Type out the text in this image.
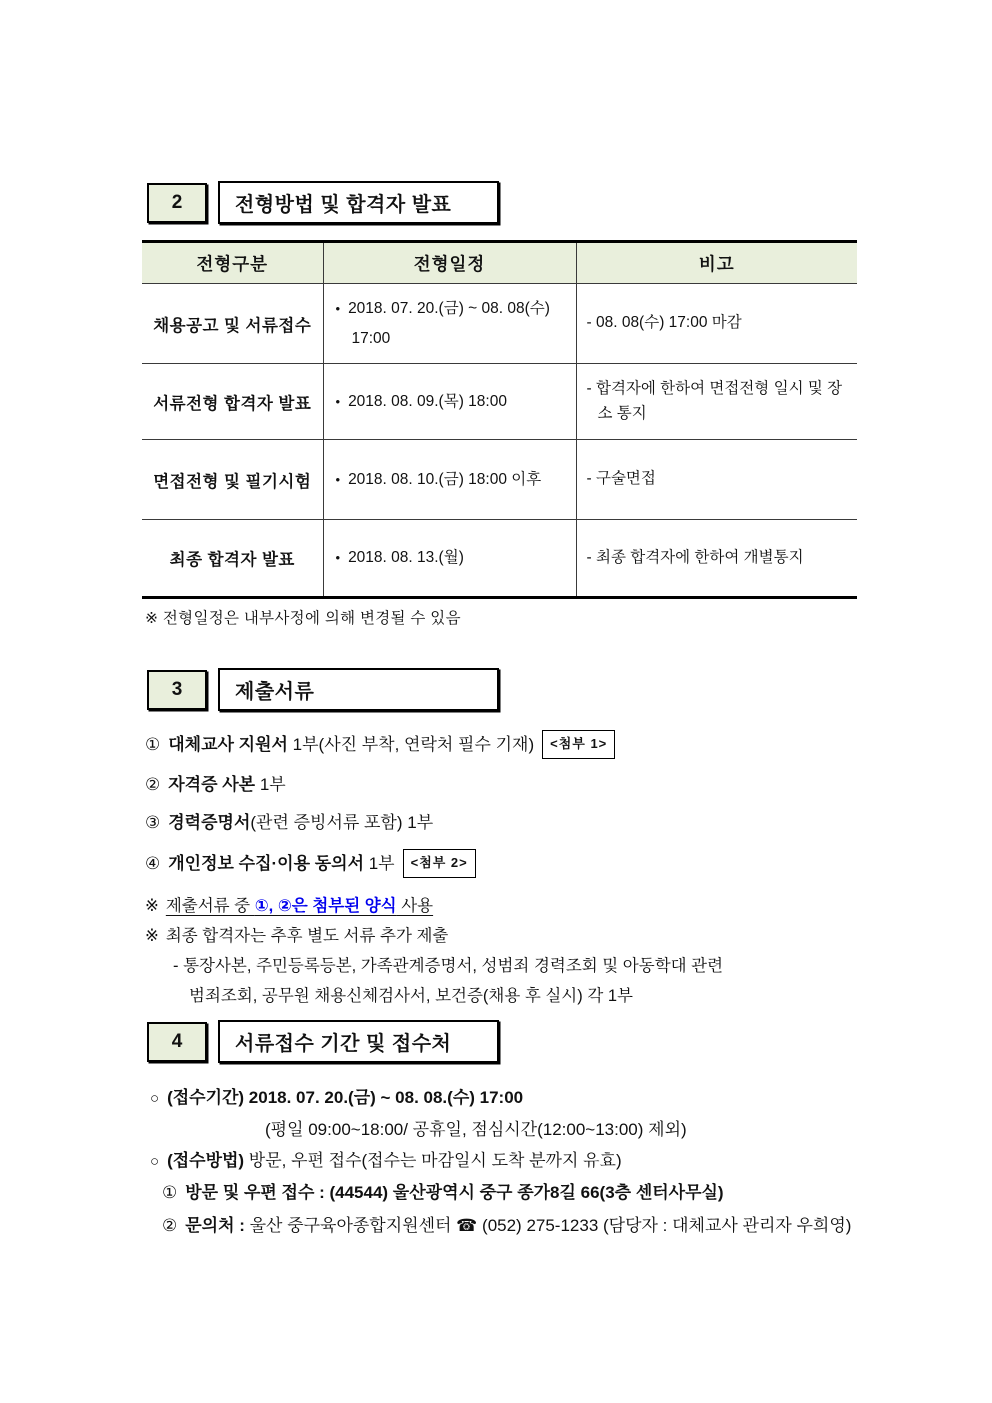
2	전형방법 및 합격자 발표
전형구분	전형일정	비고
채용공고 및 서류접수	• 2018. 07. 20.(금) ~ 08. 08(수) 17:00	- 08. 08(수) 17:00 마감

서류전형 합격자 발표	• 2018. 08. 09.(목) 18:00	- 합격자에 한하여 면접전형 일시 및 장소 통지

면접전형 및 필기시험	• 2018. 08. 10.(금) 18:00 이후	- 구술면접

최종 합격자 발표	• 2018. 08. 13.(월)	- 최종 합격자에 한하여 개별통지
※ 전형일정은 내부사정에 의해 변경될 수 있음
3	제출서류
① 대체교사 지원서 1부(사진 부착, 연락처 필수 기재) <첨부 1>
② 자격증 사본 1부
③ 경력증명서(관련 증빙서류 포함) 1부
④ 개인정보 수집·이용 동의서 1부 <첨부 2>
※ 제출서류 중 ①, ②은 첨부된 양식 사용
※ 최종 합격자는 추후 별도 서류 추가 제출
- 통장사본, 주민등록등본, 가족관계증명서, 성범죄 경력조회 및 아동학대 관련
범죄조회, 공무원 채용신체검사서, 보건증(채용 후 실시) 각 1부
4	서류접수 기간 및 접수처
○ (접수기간) 2018. 07. 20.(금) ~ 08. 08.(수) 17:00
(평일 09:00~18:00/ 공휴일, 점심시간(12:00~13:00) 제외)
○ (접수방법) 방문, 우편 접수(접수는 마감일시 도착 분까지 유효)
① 방문 및 우편 접수 : (44544) 울산광역시 중구 종가8길 66(3층 센터사무실)
② 문의처 : 울산 중구육아종합지원센터 ☎ (052) 275-1233 (담당자 : 대체교사 관리자 우희영)
